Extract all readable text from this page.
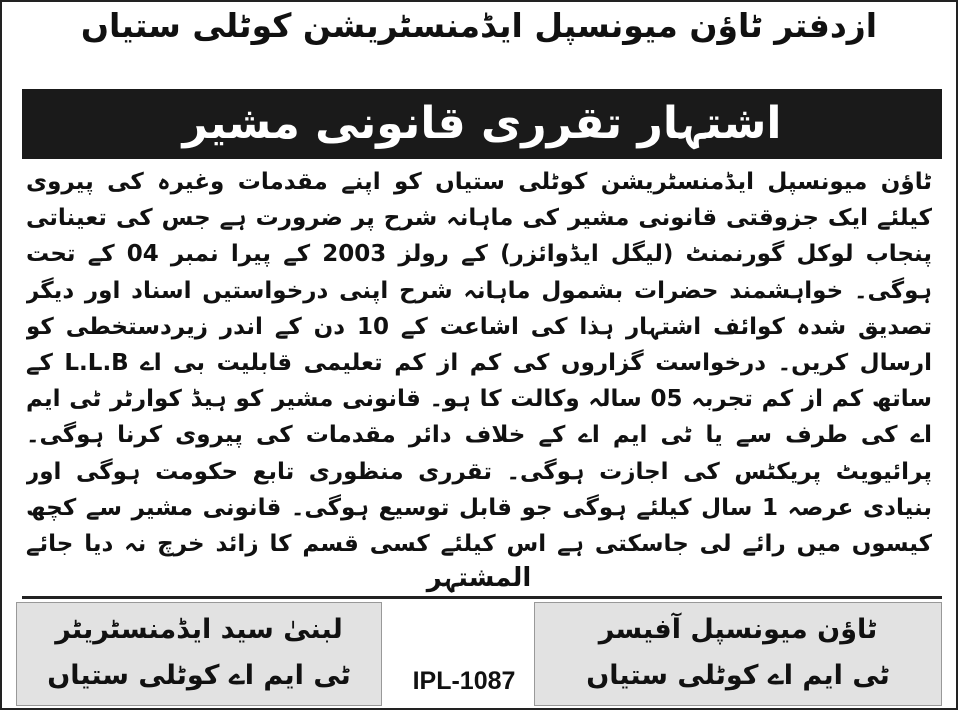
ازدفتر ٹاؤن میونسپل ایڈمنسٹریشن کوٹلی ستیاں
اشتہار تقرری قانونی مشیر

ٹاؤن میونسپل ایڈمنسٹریشن کوٹلی ستیاں کو اپنے مقدمات وغیرہ کی پیروی کیلئے ایک جزوقتی قانونی مشیر کی ماہانہ شرح پر ضرورت ہے جس کی تعیناتی پنجاب لوکل گورنمنٹ (لیگل ایڈوائزر) کے رولز 2003 کے پیرا نمبر 04 کے تحت ہوگی۔ خواہشمند حضرات بشمول ماہانہ شرح اپنی درخواستیں اسناد اور دیگر تصدیق شدہ کوائف اشتہار ہذا کی اشاعت کے 10 دن کے اندر زیردستخطی کو ارسال کریں۔ درخواست گزاروں کی کم از کم تعلیمی قابلیت بی اے L.L.B کے ساتھ کم از کم تجربہ 05 سالہ وکالت کا ہو۔ قانونی مشیر کو ہیڈ کوارٹر ٹی ایم اے کی طرف سے یا ٹی ایم اے کے خلاف دائر مقدمات کی پیروی کرنا ہوگی۔ پرائیویٹ پریکٹس کی اجازت ہوگی۔ تقرری منظوری تابع حکومت ہوگی اور بنیادی عرصہ 1 سال کیلئے ہوگی جو قابل توسیع ہوگی۔ قانونی مشیر سے کچھ کیسوں میں رائے لی جاسکتی ہے اس کیلئے کسی قسم کا زائد خرچ نہ دیا جائے

المشتہر
ٹاؤن میونسپل آفیسر
ٹی ایم اے کوٹلی ستیاں
IPL-1087
لبنیٰ سید ایڈمنسٹریٹر
ٹی ایم اے کوٹلی ستیاں
